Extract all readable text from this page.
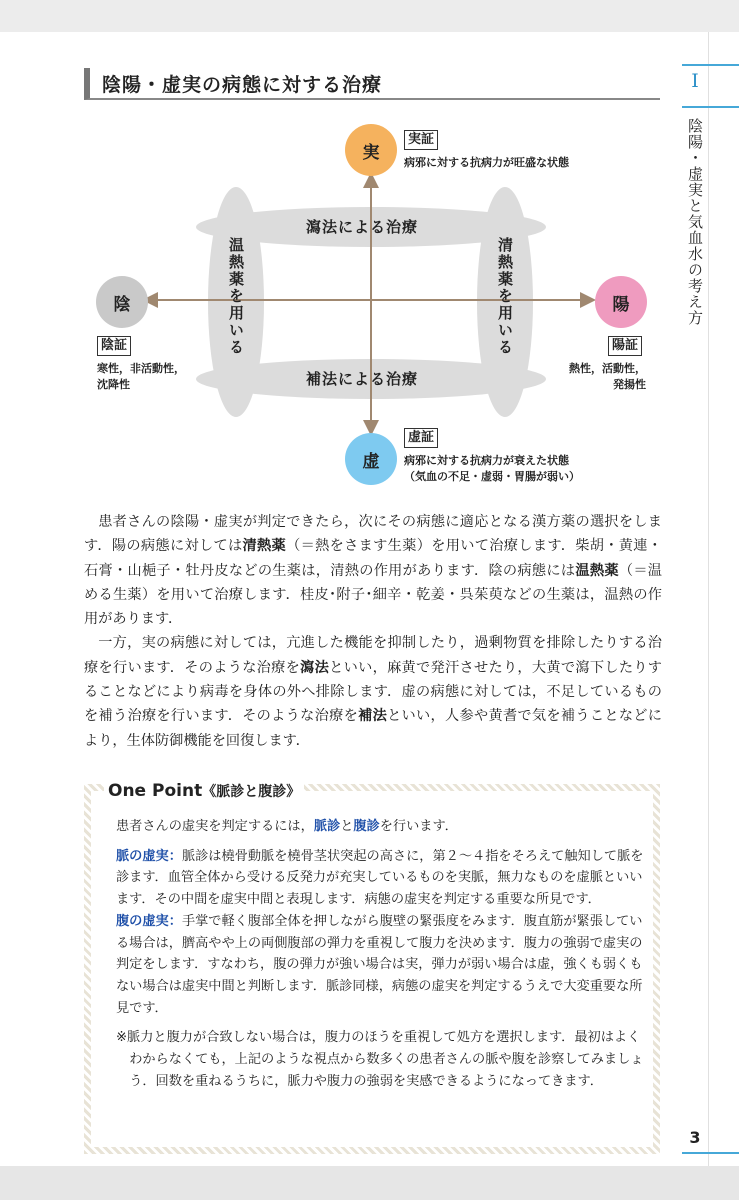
I
陰陽・虚実と気血水の考え方
3
陰陽・虚実の病態に対する治療
実
実証
病邪に対する抗病力が旺盛な状態
虚
虚証
病邪に対する抗病力が衰えた状態
（気血の不足・虚弱・胃腸が弱い）
陰
陰証
寒性，非活動性，
沈降性
陽
陽証
熱性，活動性，
発揚性
瀉法による治療
補法による治療
温熱薬を用いる	清熱薬を用いる

患者さんの陰陽・虚実が判定できたら，次にその病態に適応となる漢方薬の選択をします．陽の病態に対しては清熱薬（＝熱をさます生薬）を用いて治療します．柴胡・黄連・石膏・山梔子・牡丹皮などの生薬は，清熱の作用があります．陰の病態には温熱薬（＝温める生薬）を用いて治療します．桂皮･附子･細辛・乾姜・呉茱萸などの生薬は，温熱の作用があります．

一方，実の病態に対しては，亢進した機能を抑制したり，過剰物質を排除したりする治療を行います．そのような治療を瀉法といい，麻黄で発汗させたり，大黄で瀉下したりすることなどにより病毒を身体の外へ排除します．虚の病態に対しては，不足しているものを補う治療を行います．そのような治療を補法といい，人参や黄耆で気を補うことなどにより，生体防御機能を回復します．

One Point《脈診と腹診》

患者さんの虚実を判定するには，脈診と腹診を行います．

脈の虚実：脈診は橈骨動脈を橈骨茎状突起の高さに，第２～４指をそろえて触知して脈を診ます．血管全体から受ける反発力が充実しているものを実脈，無力なものを虚脈といいます．その中間を虚実中間と表現します．病態の虚実を判定する重要な所見です．

腹の虚実：手掌で軽く腹部全体を押しながら腹壁の緊張度をみます．腹直筋が緊張している場合は，臍高やや上の両側腹部の弾力を重視して腹力を決めます．腹力の強弱で虚実の判定をします．すなわち，腹の弾力が強い場合は実，弾力が弱い場合は虚，強くも弱くもない場合は虚実中間と判断します．脈診同様，病態の虚実を判定するうえで大変重要な所見です．

※脈力と腹力が合致しない場合は，腹力のほうを重視して処方を選択します．最初はよくわからなくても，上記のような視点から数多くの患者さんの脈や腹を診察してみましょう．回数を重ねるうちに，脈力や腹力の強弱を実感できるようになってきます．
